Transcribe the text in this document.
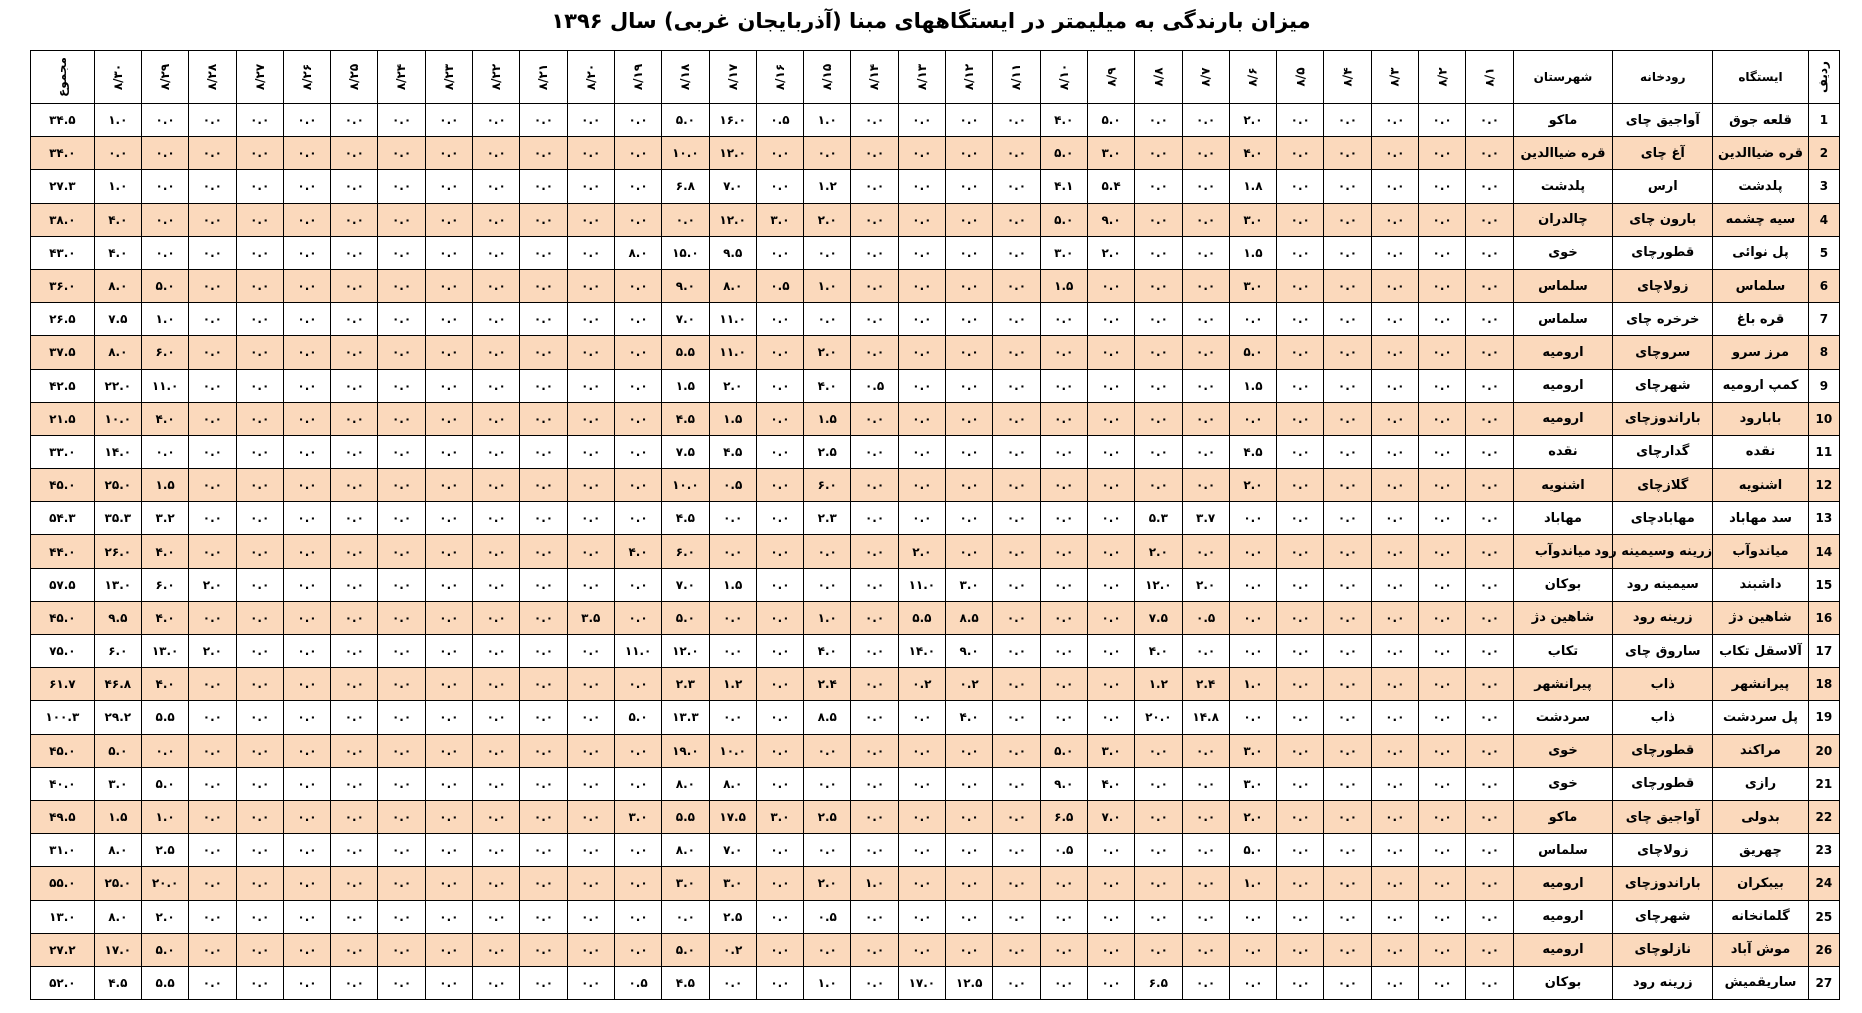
میزان بارندگی به میلیمتر در ایستگاههای مبنا (آذربایجان غربی) سال ۱۳۹۶
ردیف	ایستگاه	رودخانه	شهرستان	۸/۱	۸/۲	۸/۳	۸/۴	۸/۵	۸/۶	۸/۷	۸/۸	۸/۹	۸/۱۰	۸/۱۱	۸/۱۲	۸/۱۳	۸/۱۴	۸/۱۵	۸/۱۶	۸/۱۷	۸/۱۸	۸/۱۹	۸/۲۰	۸/۲۱	۸/۲۲	۸/۲۳	۸/۲۴	۸/۲۵	۸/۲۶	۸/۲۷	۸/۲۸	۸/۲۹	۸/۳۰	مجموع
1	قلعه جوق	آواجیق چای	ماکو	۰.۰	۰.۰	۰.۰	۰.۰	۰.۰	۲.۰	۰.۰	۰.۰	۵.۰	۴.۰	۰.۰	۰.۰	۰.۰	۰.۰	۱.۰	۰.۵	۱۶.۰	۵.۰	۰.۰	۰.۰	۰.۰	۰.۰	۰.۰	۰.۰	۰.۰	۰.۰	۰.۰	۰.۰	۰.۰	۱.۰	۳۴.۵
2	قره ضیاالدین	آغ چای	قره ضیاالدین	۰.۰	۰.۰	۰.۰	۰.۰	۰.۰	۴.۰	۰.۰	۰.۰	۳.۰	۵.۰	۰.۰	۰.۰	۰.۰	۰.۰	۰.۰	۰.۰	۱۲.۰	۱۰.۰	۰.۰	۰.۰	۰.۰	۰.۰	۰.۰	۰.۰	۰.۰	۰.۰	۰.۰	۰.۰	۰.۰	۰.۰	۳۴.۰
3	پلدشت	ارس	پلدشت	۰.۰	۰.۰	۰.۰	۰.۰	۰.۰	۱.۸	۰.۰	۰.۰	۵.۴	۴.۱	۰.۰	۰.۰	۰.۰	۰.۰	۱.۲	۰.۰	۷.۰	۶.۸	۰.۰	۰.۰	۰.۰	۰.۰	۰.۰	۰.۰	۰.۰	۰.۰	۰.۰	۰.۰	۰.۰	۱.۰	۲۷.۳
4	سیه چشمه	بارون چای	چالدران	۰.۰	۰.۰	۰.۰	۰.۰	۰.۰	۳.۰	۰.۰	۰.۰	۹.۰	۵.۰	۰.۰	۰.۰	۰.۰	۰.۰	۲.۰	۳.۰	۱۲.۰	۰.۰	۰.۰	۰.۰	۰.۰	۰.۰	۰.۰	۰.۰	۰.۰	۰.۰	۰.۰	۰.۰	۰.۰	۴.۰	۳۸.۰
5	پل نوائی	قطورچای	خوی	۰.۰	۰.۰	۰.۰	۰.۰	۰.۰	۱.۵	۰.۰	۰.۰	۲.۰	۳.۰	۰.۰	۰.۰	۰.۰	۰.۰	۰.۰	۰.۰	۹.۵	۱۵.۰	۸.۰	۰.۰	۰.۰	۰.۰	۰.۰	۰.۰	۰.۰	۰.۰	۰.۰	۰.۰	۰.۰	۴.۰	۴۳.۰
6	سلماس	زولاچای	سلماس	۰.۰	۰.۰	۰.۰	۰.۰	۰.۰	۳.۰	۰.۰	۰.۰	۰.۰	۱.۵	۰.۰	۰.۰	۰.۰	۰.۰	۱.۰	۰.۵	۸.۰	۹.۰	۰.۰	۰.۰	۰.۰	۰.۰	۰.۰	۰.۰	۰.۰	۰.۰	۰.۰	۰.۰	۵.۰	۸.۰	۳۶.۰
7	قره باغ	خرخره چای	سلماس	۰.۰	۰.۰	۰.۰	۰.۰	۰.۰	۰.۰	۰.۰	۰.۰	۰.۰	۰.۰	۰.۰	۰.۰	۰.۰	۰.۰	۰.۰	۰.۰	۱۱.۰	۷.۰	۰.۰	۰.۰	۰.۰	۰.۰	۰.۰	۰.۰	۰.۰	۰.۰	۰.۰	۰.۰	۱.۰	۷.۵	۲۶.۵
8	مرز سرو	سروچای	ارومیه	۰.۰	۰.۰	۰.۰	۰.۰	۰.۰	۵.۰	۰.۰	۰.۰	۰.۰	۰.۰	۰.۰	۰.۰	۰.۰	۰.۰	۲.۰	۰.۰	۱۱.۰	۵.۵	۰.۰	۰.۰	۰.۰	۰.۰	۰.۰	۰.۰	۰.۰	۰.۰	۰.۰	۰.۰	۶.۰	۸.۰	۳۷.۵
9	کمپ ارومیه	شهرچای	ارومیه	۰.۰	۰.۰	۰.۰	۰.۰	۰.۰	۱.۵	۰.۰	۰.۰	۰.۰	۰.۰	۰.۰	۰.۰	۰.۰	۰.۵	۴.۰	۰.۰	۲.۰	۱.۵	۰.۰	۰.۰	۰.۰	۰.۰	۰.۰	۰.۰	۰.۰	۰.۰	۰.۰	۰.۰	۱۱.۰	۲۲.۰	۴۲.۵
10	بابارود	باراندوزچای	ارومیه	۰.۰	۰.۰	۰.۰	۰.۰	۰.۰	۰.۰	۰.۰	۰.۰	۰.۰	۰.۰	۰.۰	۰.۰	۰.۰	۰.۰	۱.۵	۰.۰	۱.۵	۴.۵	۰.۰	۰.۰	۰.۰	۰.۰	۰.۰	۰.۰	۰.۰	۰.۰	۰.۰	۰.۰	۴.۰	۱۰.۰	۲۱.۵
11	نقده	گدارچای	نقده	۰.۰	۰.۰	۰.۰	۰.۰	۰.۰	۴.۵	۰.۰	۰.۰	۰.۰	۰.۰	۰.۰	۰.۰	۰.۰	۰.۰	۲.۵	۰.۰	۴.۵	۷.۵	۰.۰	۰.۰	۰.۰	۰.۰	۰.۰	۰.۰	۰.۰	۰.۰	۰.۰	۰.۰	۰.۰	۱۴.۰	۳۳.۰
12	اشنویه	گلازچای	اشنویه	۰.۰	۰.۰	۰.۰	۰.۰	۰.۰	۲.۰	۰.۰	۰.۰	۰.۰	۰.۰	۰.۰	۰.۰	۰.۰	۰.۰	۶.۰	۰.۰	۰.۵	۱۰.۰	۰.۰	۰.۰	۰.۰	۰.۰	۰.۰	۰.۰	۰.۰	۰.۰	۰.۰	۰.۰	۱.۵	۲۵.۰	۴۵.۰
13	سد مهاباد	مهابادچای	مهاباد	۰.۰	۰.۰	۰.۰	۰.۰	۰.۰	۰.۰	۳.۷	۵.۳	۰.۰	۰.۰	۰.۰	۰.۰	۰.۰	۰.۰	۲.۳	۰.۰	۰.۰	۴.۵	۰.۰	۰.۰	۰.۰	۰.۰	۰.۰	۰.۰	۰.۰	۰.۰	۰.۰	۰.۰	۳.۲	۳۵.۳	۵۴.۳
14	میاندوآب	زرینه وسیمینه رود	میاندوآب	۰.۰	۰.۰	۰.۰	۰.۰	۰.۰	۰.۰	۰.۰	۲.۰	۰.۰	۰.۰	۰.۰	۰.۰	۲.۰	۰.۰	۰.۰	۰.۰	۰.۰	۶.۰	۴.۰	۰.۰	۰.۰	۰.۰	۰.۰	۰.۰	۰.۰	۰.۰	۰.۰	۰.۰	۴.۰	۲۶.۰	۴۴.۰
15	داشبند	سیمینه رود	بوکان	۰.۰	۰.۰	۰.۰	۰.۰	۰.۰	۰.۰	۲.۰	۱۲.۰	۰.۰	۰.۰	۰.۰	۳.۰	۱۱.۰	۰.۰	۰.۰	۰.۰	۱.۵	۷.۰	۰.۰	۰.۰	۰.۰	۰.۰	۰.۰	۰.۰	۰.۰	۰.۰	۰.۰	۲.۰	۶.۰	۱۳.۰	۵۷.۵
16	شاهین دژ	زرینه رود	شاهین دژ	۰.۰	۰.۰	۰.۰	۰.۰	۰.۰	۰.۰	۰.۵	۷.۵	۰.۰	۰.۰	۰.۰	۸.۵	۵.۵	۰.۰	۱.۰	۰.۰	۰.۰	۵.۰	۰.۰	۳.۵	۰.۰	۰.۰	۰.۰	۰.۰	۰.۰	۰.۰	۰.۰	۰.۰	۴.۰	۹.۵	۴۵.۰
17	آلاسقل تکاب	ساروق چای	تکاب	۰.۰	۰.۰	۰.۰	۰.۰	۰.۰	۰.۰	۰.۰	۴.۰	۰.۰	۰.۰	۰.۰	۹.۰	۱۴.۰	۰.۰	۴.۰	۰.۰	۰.۰	۱۲.۰	۱۱.۰	۰.۰	۰.۰	۰.۰	۰.۰	۰.۰	۰.۰	۰.۰	۰.۰	۲.۰	۱۳.۰	۶.۰	۷۵.۰
18	پیرانشهر	ذاب	پیرانشهر	۰.۰	۰.۰	۰.۰	۰.۰	۰.۰	۱.۰	۲.۴	۱.۲	۰.۰	۰.۰	۰.۰	۰.۲	۰.۲	۰.۰	۲.۴	۰.۰	۱.۲	۲.۳	۰.۰	۰.۰	۰.۰	۰.۰	۰.۰	۰.۰	۰.۰	۰.۰	۰.۰	۰.۰	۴.۰	۴۶.۸	۶۱.۷
19	پل سردشت	ذاب	سردشت	۰.۰	۰.۰	۰.۰	۰.۰	۰.۰	۰.۰	۱۴.۸	۲۰.۰	۰.۰	۰.۰	۰.۰	۴.۰	۰.۰	۰.۰	۸.۵	۰.۰	۰.۰	۱۳.۳	۵.۰	۰.۰	۰.۰	۰.۰	۰.۰	۰.۰	۰.۰	۰.۰	۰.۰	۰.۰	۵.۵	۲۹.۲	۱۰۰.۳
20	مراکند	قطورچای	خوی	۰.۰	۰.۰	۰.۰	۰.۰	۰.۰	۳.۰	۰.۰	۰.۰	۳.۰	۵.۰	۰.۰	۰.۰	۰.۰	۰.۰	۰.۰	۰.۰	۱۰.۰	۱۹.۰	۰.۰	۰.۰	۰.۰	۰.۰	۰.۰	۰.۰	۰.۰	۰.۰	۰.۰	۰.۰	۰.۰	۵.۰	۴۵.۰
21	رازی	قطورچای	خوی	۰.۰	۰.۰	۰.۰	۰.۰	۰.۰	۳.۰	۰.۰	۰.۰	۴.۰	۹.۰	۰.۰	۰.۰	۰.۰	۰.۰	۰.۰	۰.۰	۸.۰	۸.۰	۰.۰	۰.۰	۰.۰	۰.۰	۰.۰	۰.۰	۰.۰	۰.۰	۰.۰	۰.۰	۵.۰	۳.۰	۴۰.۰
22	بدولی	آواجیق چای	ماکو	۰.۰	۰.۰	۰.۰	۰.۰	۰.۰	۲.۰	۰.۰	۰.۰	۷.۰	۶.۵	۰.۰	۰.۰	۰.۰	۰.۰	۲.۵	۳.۰	۱۷.۵	۵.۵	۳.۰	۰.۰	۰.۰	۰.۰	۰.۰	۰.۰	۰.۰	۰.۰	۰.۰	۰.۰	۱.۰	۱.۵	۴۹.۵
23	چهریق	زولاچای	سلماس	۰.۰	۰.۰	۰.۰	۰.۰	۰.۰	۵.۰	۰.۰	۰.۰	۰.۰	۰.۵	۰.۰	۰.۰	۰.۰	۰.۰	۰.۰	۰.۰	۷.۰	۸.۰	۰.۰	۰.۰	۰.۰	۰.۰	۰.۰	۰.۰	۰.۰	۰.۰	۰.۰	۰.۰	۲.۵	۸.۰	۳۱.۰
24	بیبکران	باراندوزچای	ارومیه	۰.۰	۰.۰	۰.۰	۰.۰	۰.۰	۱.۰	۰.۰	۰.۰	۰.۰	۰.۰	۰.۰	۰.۰	۰.۰	۱.۰	۲.۰	۰.۰	۳.۰	۳.۰	۰.۰	۰.۰	۰.۰	۰.۰	۰.۰	۰.۰	۰.۰	۰.۰	۰.۰	۰.۰	۲۰.۰	۲۵.۰	۵۵.۰
25	گلمانخانه	شهرچای	ارومیه	۰.۰	۰.۰	۰.۰	۰.۰	۰.۰	۰.۰	۰.۰	۰.۰	۰.۰	۰.۰	۰.۰	۰.۰	۰.۰	۰.۰	۰.۵	۰.۰	۲.۵	۰.۰	۰.۰	۰.۰	۰.۰	۰.۰	۰.۰	۰.۰	۰.۰	۰.۰	۰.۰	۰.۰	۲.۰	۸.۰	۱۳.۰
26	موش آباد	نازلوچای	ارومیه	۰.۰	۰.۰	۰.۰	۰.۰	۰.۰	۰.۰	۰.۰	۰.۰	۰.۰	۰.۰	۰.۰	۰.۰	۰.۰	۰.۰	۰.۰	۰.۰	۰.۲	۵.۰	۰.۰	۰.۰	۰.۰	۰.۰	۰.۰	۰.۰	۰.۰	۰.۰	۰.۰	۰.۰	۵.۰	۱۷.۰	۲۷.۲
27	ساریقمیش	زرینه رود	بوکان	۰.۰	۰.۰	۰.۰	۰.۰	۰.۰	۰.۰	۰.۰	۶.۵	۰.۰	۰.۰	۰.۰	۱۲.۵	۱۷.۰	۰.۰	۱.۰	۰.۰	۰.۰	۴.۵	۰.۵	۰.۰	۰.۰	۰.۰	۰.۰	۰.۰	۰.۰	۰.۰	۰.۰	۰.۰	۵.۵	۴.۵	۵۲.۰
